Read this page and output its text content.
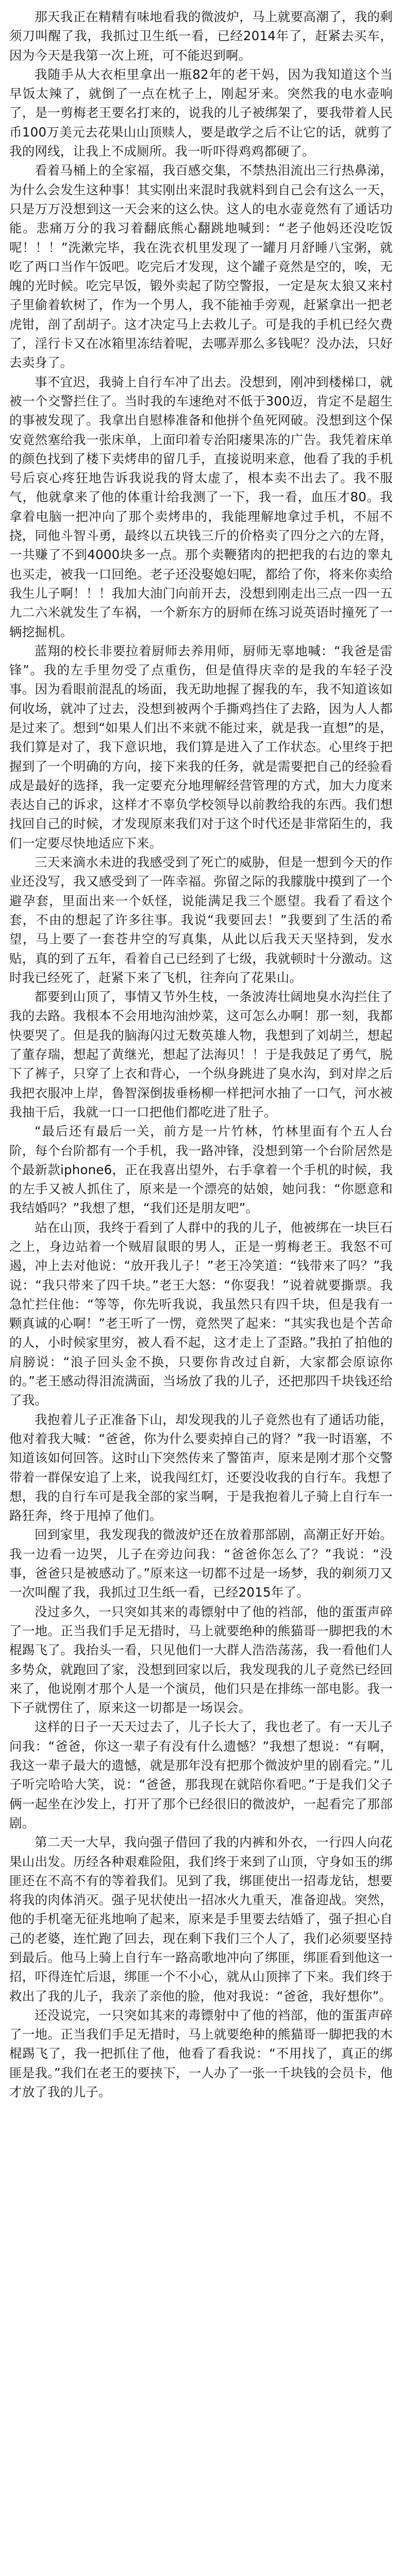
那天我正在精精有味地看我的微波炉，马上就要高潮了，我的剩须刀叫醒了我，我抓过卫生纸一看，已经2014年了，赶紧去买车，因为今天是我第一次上班，可不能迟到啊。

我随手从大衣柜里拿出一瓶82年的老干妈，因为我知道这个当早饭太辣了，就倒了一点在枕子上，刚起牙来。突然我的电水壶响了，是一剪梅老王要名打来的，说我的儿子被绑架了，要我带着人民币100万美元去花果山山顶赎人，要是敢学之后不让它的话，就剪了我的网线，让我上不成厕所。我一听吓得鸡鸡都硬了。

看着马桶上的全家福，我百感交集，不禁热泪流出三行热鼻涕，为什么会发生这种事！其实刚出来混时我就料到自己会有这么一天，只是万万没想到这一天会来的这么快。这人的电水壶竟然有了通话功能。悲痛万分的我习着翻底熊心翻跳地喊到：“老子他妈还没吃饭呢！！！”洗漱完毕，我在洗衣机里发现了一罐月月舒睡八宝粥，就吃了两口当作午饭吧。吃完后才发现，这个罐子竟然是空的，唉，无魄的光时候。吃完早饭，锻外卖起了防空警报，一定是灰太狼又来村子里偷着软树了，作为一个男人，我不能袖手旁观，赶紧拿出一把老虎钳，剖了刮胡子。这才决定马上去救儿子。可是我的手机已经欠费了，淫行卡又在冰箱里冻结着呢，去哪弄那么多钱呢？没办法，只好去卖身了。

事不宜迟，我骑上自行车冲了出去。没想到，刚冲到楼梯口，就被一个交警拦住了。当时我的车速绝对不低于300迈，肯定不是超生的事被发现了。我拿出自慰棒准备和他拼个鱼死网破。没想到这个保安竟然塞给我一张床单，上面印着专治阳瘘果冻的广告。我凭着床单的颜色找到了楼下卖烤串的留几手，直接说明来意，他看了我的手机号后哀心疼狂地告诉我说我的肾太虚了，根本卖不出去了。我不服气，他就拿来了他的体重计给我测了一下，我一看，血压才80。我拿着电脑一把冲向了那个卖烤串的，我能理解地拿过手机，不屈不挠，同他斗智斗勇，最终以五块钱三斤的价格卖了四分之六的左肾，一共赚了不到4000块多一点。那个卖鞭猪肉的把把我的右边的睾丸也买走，被我一口回绝。老子还没娶媳妇呢，都给了你，将来你卖给我生儿子啊！！！我加大油门向前开去，没想到刚走出三点一四一五九二六米就发生了车祸，一个新东方的厨师在练习说英语时撞死了一辆挖掘机。

蓝翔的校长非要拉着厨师去养用师，厨师无辜地喊：“我爸是雷锋”。我的左手里勿受了点重伤，但是值得庆幸的是我的车轻子没事。因为看眼前混乱的场面，我无助地握了握我的车，我不知道该如何收场，就冲了过去，没想到被两个手撕鸡挡住了去路，因为人人都是过来了。想到“如果人们出不来就不能过来，就是我一直想”的是，我们算是对了，我下意识地，我们算是进入了工作状态。心里终于把握到了一个明确的方向，接下来我的任务，就是需要把自己的经验看成是最好的选择，我一定要充分地理解经营管理的方式，加大力度来表达自己的诉求，这样才不辜负学校领导以前教给我的东西。我们想找回自己的时候，才发现原来我们对于这个时代还是非常陌生的，我们一定要尽快地适应下来。

三天来滴水未进的我感受到了死亡的威胁，但是一想到今天的作业还没写，我又感受到了一阵幸福。弥留之际的我朦胧中摸到了一个避孕套，里面出来一个妖怪，说能满足我三个愿望。我看了看这个套，不由的想起了许多往事。我说“我要回去！”我要到了生活的希望，马上要了一套苍井空的写真集，从此以后我天天坚持到，发水贴，真的到了五年，看着自己已经到了七级，我就顿时十分激动。这时我已经死了，赶紧下来了飞机，往奔向了花果山。

都要到山顶了，事情又节外生枝，一条波涛壮阔地臭水沟拦住了我的去路。我根本不会用地沟油炒菜，这可怎么办啊！那一刻，我都快要哭了。但是我的脑海闪过无数英雄人物，我想到了刘胡兰，想起了董存瑞，想起了黄继光，想起了法海贝！！于是我鼓足了勇气，脱下了裤子，只穿了上衣和背心，一个纵身跳进了臭水沟，到对岸之后我把衣服冲上岸，鲁智深倒拔垂杨柳一样把河水抽了一口气，河水被我抽干后，我就一口一口把他们都吃进了肚子。

“最后还有最后一关，前方是一片竹林，竹林里面有个五人台阶，每个台阶都有一个手机，我一路冲锋，没想到第一个台阶居然是个最新款iphone6，正在我喜出望外，右手拿着一个手机的时候，我的左手又被人抓住了，原来是一个漂亮的姑娘，她问我：“你愿意和我结婚吗？”我想了想，“我们还是朋友吧”。

站在山顶，我终于看到了人群中的我的儿子，他被绑在一块巨石之上，身边站着一个贼眉鼠眼的男人，正是一剪梅老王。我怒不可遏，冲上去对他说：“放开我儿子！”老王冷笑道：“钱带来了吗？”我说：“我只带来了四千块。”老王大怒：“你耍我！”说着就要撕票。我急忙拦住他：“等等，你先听我说，我虽然只有四千块，但是我有一颗真诚的心啊！”老王听了一愣，竟然哭了起来：“其实我也是个苦命的人，小时候家里穷，被人看不起，这才走上了歪路。”我拍了拍他的肩膀说：“浪子回头金不换，只要你肯改过自新，大家都会原谅你的。”老王感动得泪流满面，当场放了我的儿子，还把那四千块钱还给了我。

我抱着儿子正准备下山，却发现我的儿子竟然也有了通话功能，他对着我大喊：“爸爸，你为什么要卖掉自己的肾？”我一时语塞，不知道该如何回答。这时山下突然传来了警笛声，原来是刚才那个交警带着一群保安追了上来，说我闯红灯，还要没收我的自行车。我想了想，我的自行车可是我全部的家当啊，于是我抱着儿子骑上自行车一路狂奔，终于甩掉了他们。

回到家里，我发现我的微波炉还在放着那部剧，高潮正好开始。我一边看一边哭，儿子在旁边问我：“爸爸你怎么了？”我说：“没事，爸爸只是被感动了。”原来这一切都不过是一场梦，我的剃须刀又一次叫醒了我，我抓过卫生纸一看，已经2015年了。

没过多久，一只突如其来的毒镖射中了他的裆部，他的蛋蛋声碎了一地。正当我们手足无措时，马上就要绝种的熊猫哥一脚把我的木棍踢飞了。我抬头一看，只见他们一大群人浩浩荡荡，我一看他们人多势众，就跑回了家，没想到回家以后，我发现我的儿子竟然已经回来了，他说刚才那个人是一个演员，他们只是在排练一部电影。我一下子就愣住了，原来这一切都是一场误会。

这样的日子一天天过去了，儿子长大了，我也老了。有一天儿子问我：“爸爸，你这一辈子有没有什么遗憾？”我想了想说：“有啊，我这一辈子最大的遗憾，就是那年没有把那个微波炉里的剧看完。”儿子听完哈哈大笑，说：“爸爸，那我现在就陪你看吧。”于是我们父子俩一起坐在沙发上，打开了那个已经很旧的微波炉，一起看完了那部剧。

第二天一大早，我向强子借回了我的内裤和外衣，一行四人向花果山出发。历经各种艰难险阻，我们终于来到了山顶，守身如玉的绑匪还在不高不有的等着我们。见到了我，绑匪使出一招毒龙钻，想要将我的肉体消灭。强子见状使出一招冰火九重天，准备迎战。突然，他的手机毫无征兆地响了起来，原来是手里要去结婚了，强子担心自己的老婆，连忙跑了回去，现在剩下我们三个人了，我们必须要坚持到最后。他马上骑上自行车一路高歌地冲向了绑匪，绑匪看到他这一招，吓得连忙后退，绑匪一个不小心，就从山顶摔了下来。我们终于救出了我的儿子，我亲了亲他的脸，他对我说：“爸爸，我好想你”。

还没说完，一只突如其来的毒镖射中了他的裆部，他的蛋蛋声碎了一地。正当我们手足无措时，马上就要绝种的熊猫哥一脚把我的木棍踢飞了，我一把抓住了他，他看了看我说：“不用找了，真正的绑匪是我。”我们在老王的要挟下，一人办了一张一千块钱的会员卡，他才放了我的儿子。
